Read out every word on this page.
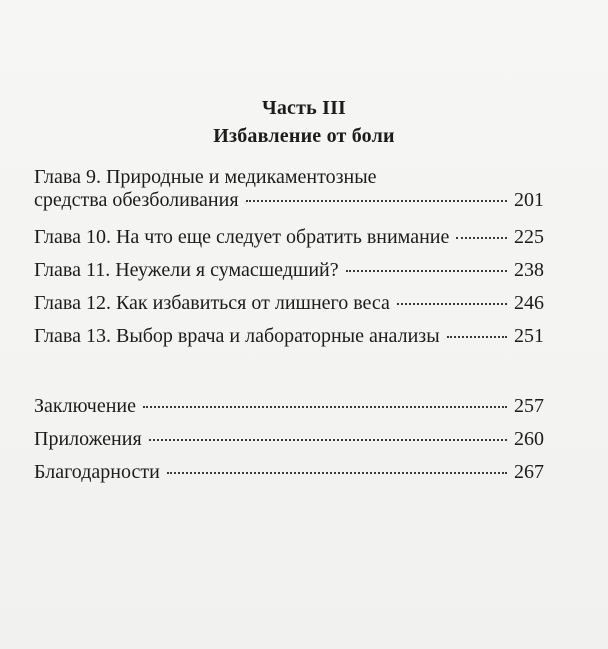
Часть III
Избавление от боли
Глава 9. Природные и медикаментозные
средства обезболивания	201
Глава 10. На что еще следует обратить внимание	225
Глава 11. Неужели я сумасшедший?	238
Глава 12. Как избавиться от лишнего веса	246
Глава 13. Выбор врача и лабораторные анализы	251
Заключение	257
Приложения	260
Благодарности	267
